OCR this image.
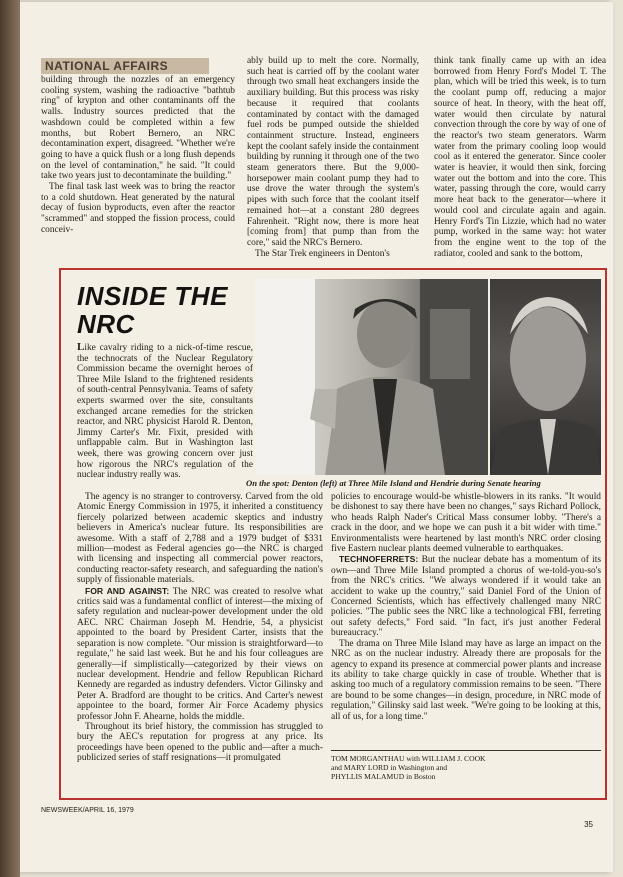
NATIONAL AFFAIRS

building through the nozzles of an emergency cooling system, washing the radioactive "bathtub ring" of krypton and other contaminants off the walls. Industry sources predicted that the washdown could be completed within a few months, but Robert Bernero, an NRC decontamination expert, disagreed. "Whether we're going to have a quick flush or a long flush depends on the level of contamination," he said. "It could take two years just to decontaminate the building."

The final task last week was to bring the reactor to a cold shutdown. Heat generated by the natural decay of fusion byproducts, even after the reactor "scrammed" and stopped the fission process, could conceiv-

ably build up to melt the core. Normally, such heat is carried off by the coolant water through two small heat exchangers inside the auxiliary building. But this process was risky because it required that coolants contaminated by contact with the damaged fuel rods be pumped outside the shielded containment structure. Instead, engineers kept the coolant safely inside the containment building by running it through one of the two steam generators there. But the 9,000-horsepower main coolant pump they had to use drove the water through the system's pipes with such force that the coolant itself remained hot—at a constant 280 degrees Fahrenheit. "Right now, there is more heat [coming from] that pump than from the core," said the NRC's Bernero.

The Star Trek engineers in Denton's

think tank finally came up with an idea borrowed from Henry Ford's Model T. The plan, which will be tried this week, is to turn the coolant pump off, reducing a major source of heat. In theory, with the heat off, water would then circulate by natural convection through the core by way of one of the reactor's two steam generators. Warm water from the primary cooling loop would cool as it entered the generator. Since cooler water is heavier, it would then sink, forcing water out the bottom and into the core. This water, passing through the core, would carry more heat back to the generator—where it would cool and circulate again and again. Henry Ford's Tin Lizzie, which had no water pump, worked in the same way: hot water from the engine went to the top of the radiator, cooled and sank to the bottom,

INSIDE THE NRC
Like cavalry riding to a nick-of-time rescue, the technocrats of the Nuclear Regulatory Commission became the overnight heroes of Three Mile Island to the frightened residents of south-central Pennsylvania. Teams of safety experts swarmed over the site, consultants exchanged arcane remedies for the stricken reactor, and NRC physicist Harold R. Denton, Jimmy Carter's Mr. Fixit, presided with unflappable calm. But in Washington last week, there was growing concern over just how rigorous the NRC's regulation of the nuclear industry really was.
On the spot: Denton (left) at Three Mile Island and Hendrie during Senate hearing

The agency is no stranger to controversy. Carved from the old Atomic Energy Commission in 1975, it inherited a constituency fiercely polarized between academic skeptics and industry believers in America's nuclear future. Its responsibilities are awesome. With a staff of 2,788 and a 1979 budget of $331 million—modest as Federal agencies go—the NRC is charged with licensing and inspecting all commercial power reactors, conducting reactor-safety research, and safeguarding the nation's supply of fissionable materials.

FOR AND AGAINST: The NRC was created to resolve what critics said was a fundamental conflict of interest—the mixing of safety regulation and nuclear-power development under the old AEC. NRC Chairman Joseph M. Hendrie, 54, a physicist appointed to the board by President Carter, insists that the separation is now complete. "Our mission is straightforward—to regulate," he said last week. But he and his four colleagues are generally—if simplistically—categorized by their views on nuclear development. Hendrie and fellow Republican Richard Kennedy are regarded as industry defenders. Victor Gilinsky and Peter A. Bradford are thought to be critics. And Carter's newest appointee to the board, former Air Force Academy physics professor John F. Ahearne, holds the middle.

Throughout its brief history, the commission has struggled to bury the AEC's reputation for progress at any price. Its proceedings have been opened to the public and—after a much-publicized series of staff resignations—it promulgated

policies to encourage would-be whistle-blowers in its ranks. "It would be dishonest to say there have been no changes," says Richard Pollock, who heads Ralph Nader's Critical Mass consumer lobby. "There's a crack in the door, and we hope we can push it a bit wider with time." Environmentalists were heartened by last month's NRC order closing five Eastern nuclear plants deemed vulnerable to earthquakes.

TECHNOFERRETS: But the nuclear debate has a momentum of its own—and Three Mile Island prompted a chorus of we-told-you-so's from the NRC's critics. "We always wondered if it would take an accident to wake up the country," said Daniel Ford of the Union of Concerned Scientists, which has effectively challenged many NRC policies. "The public sees the NRC like a technological FBI, ferreting out safety defects," Ford said. "In fact, it's just another Federal bureaucracy."

The drama on Three Mile Island may have as large an impact on the NRC as on the nuclear industry. Already there are proposals for the agency to expand its presence at commercial power plants and increase its ability to take charge quickly in case of trouble. Whether that is asking too much of a regulatory commission remains to be seen. "There are bound to be some changes—in design, procedure, in NRC mode of regulation," Gilinsky said last week. "We're going to be looking at this, all of us, for a long time."

TOM MORGANTHAU with WILLIAM J. COOK
and MARY LORD in Washington and
PHYLLIS MALAMUD in Boston
NEWSWEEK/APRIL 16, 1979
35
